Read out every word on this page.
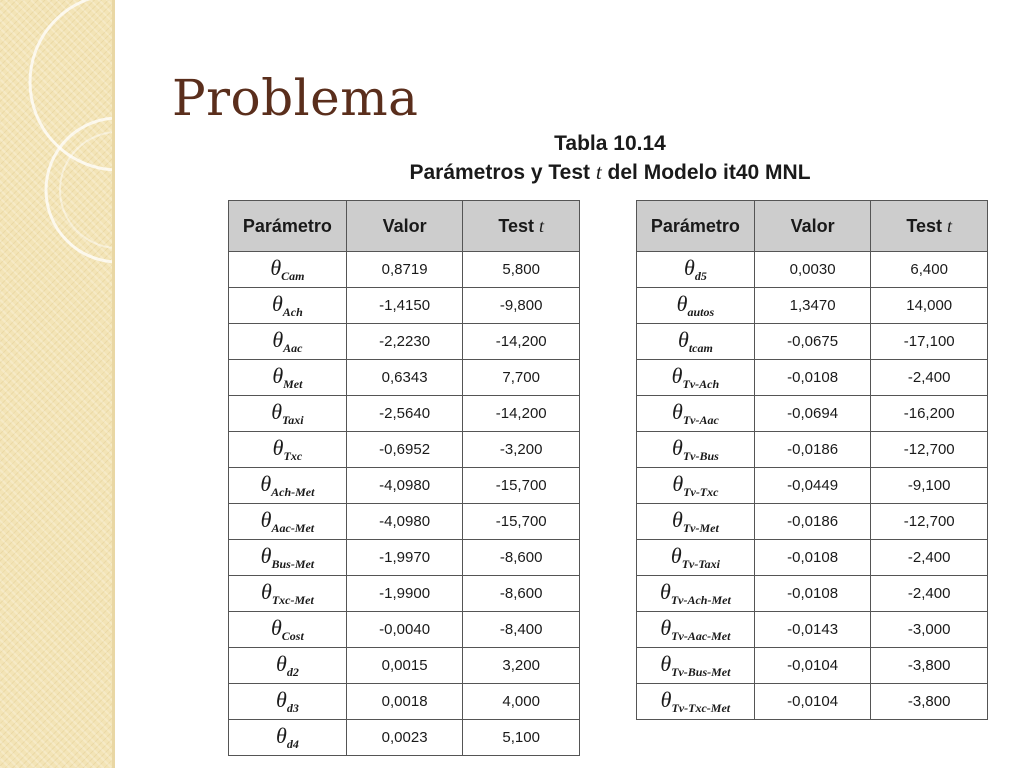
Problema
Tabla 10.14
Parámetros y Test t del Modelo it40 MNL
Parámetro	Valor	Test t
$\theta_{Cam}$	0,8719	5,800
$\theta_{Ach}$	-1,4150	-9,800
$\theta_{Aac}$	-2,2230	-14,200
$\theta_{Met}$	0,6343	7,700
$\theta_{Taxi}$	-2,5640	-14,200
$\theta_{Txc}$	-0,6952	-3,200
$\theta_{Ach-Met}$	-4,0980	-15,700
$\theta_{Aac-Met}$	-4,0980	-15,700
$\theta_{Bus-Met}$	-1,9970	-8,600
$\theta_{Txc-Met}$	-1,9900	-8,600
$\theta_{Cost}$	-0,0040	-8,400
$\theta_{d2}$	0,0015	3,200
$\theta_{d3}$	0,0018	4,000
$\theta_{d4}$	0,0023	5,100
Parámetro	Valor	Test t
$\theta_{d5}$	0,0030	6,400
$\theta_{autos}$	1,3470	14,000
$\theta_{tcam}$	-0,0675	-17,100
$\theta_{Tv-Ach}$	-0,0108	-2,400
$\theta_{Tv-Aac}$	-0,0694	-16,200
$\theta_{Tv-Bus}$	-0,0186	-12,700
$\theta_{Tv-Txc}$	-0,0449	-9,100
$\theta_{Tv-Met}$	-0,0186	-12,700
$\theta_{Tv-Taxi}$	-0,0108	-2,400
$\theta_{Tv-Ach-Met}$	-0,0108	-2,400
$\theta_{Tv-Aac-Met}$	-0,0143	-3,000
$\theta_{Tv-Bus-Met}$	-0,0104	-3,800
$\theta_{Tv-Txc-Met}$	-0,0104	-3,800
